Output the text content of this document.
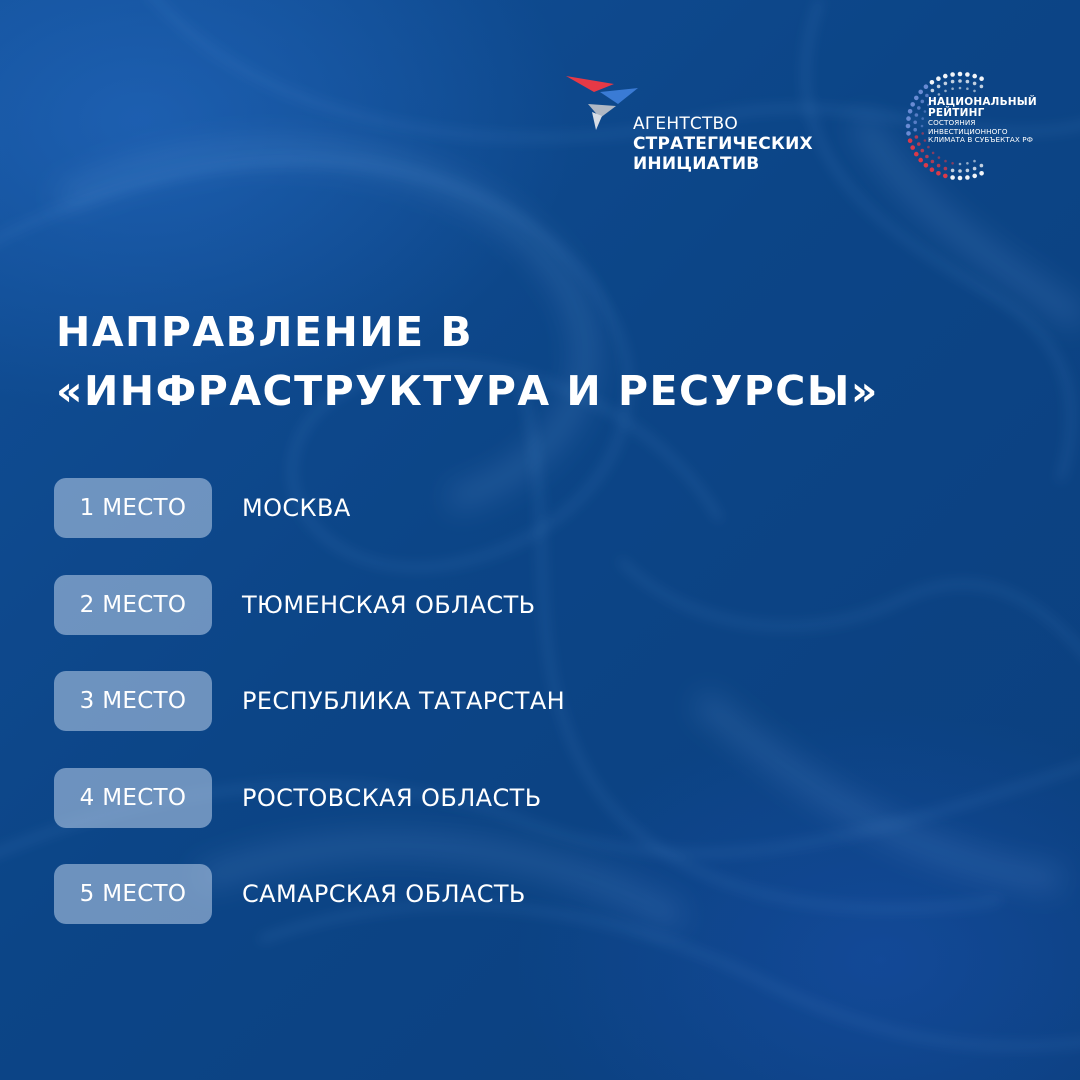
АГЕНТСТВО
СТРАТЕГИЧЕСКИХ
ИНИЦИАТИВ
НАЦИОНАЛЬНЫЙ
РЕЙТИНГ
СОСТОЯНИЯ
ИНВЕСТИЦИОННОГО
КЛИМАТА В СУБЪЕКТАХ РФ
НАПРАВЛЕНИЕ В
«ИНФРАСТРУКТУРА И РЕСУРСЫ»
1 МЕСТО	МОСКВА
2 МЕСТО	ТЮМЕНСКАЯ ОБЛАСТЬ
3 МЕСТО	РЕСПУБЛИКА ТАТАРСТАН
4 МЕСТО	РОСТОВСКАЯ ОБЛАСТЬ
5 МЕСТО	САМАРСКАЯ ОБЛАСТЬ
